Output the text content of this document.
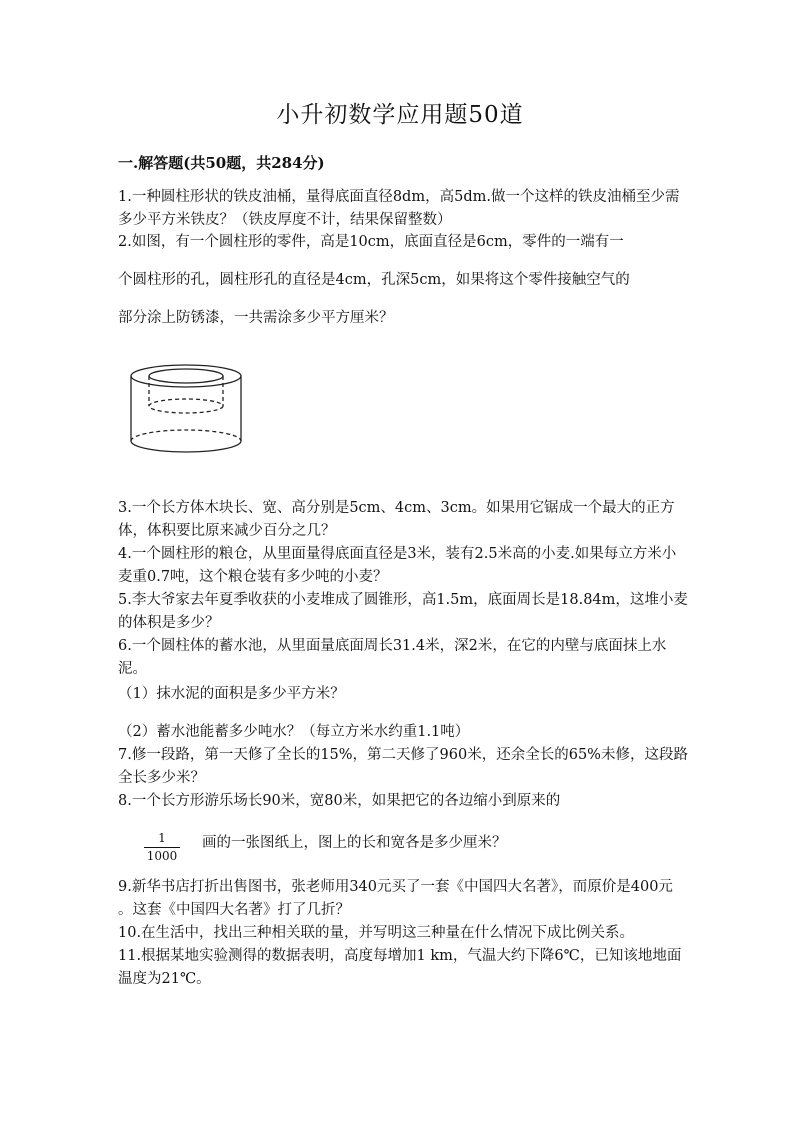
小升初数学应用题50道
一.解答题(共50题，共284分)
1.一种圆柱形状的铁皮油桶，量得底面直径8dm，高5dm.做一个这样的铁皮油桶至少需多少平方米铁皮？（铁皮厚度不计，结果保留整数）
2.如图，有一个圆柱形的零件，高是10cm，底面直径是6cm，零件的一端有一
个圆柱形的孔，圆柱形孔的直径是4cm，孔深5cm，如果将这个零件接触空气的
部分涂上防锈漆，一共需涂多少平方厘米？
3.一个长方体木块长、宽、高分别是5cm、4cm、3cm。如果用它锯成一个最大的正方体，体积要比原来减少百分之几？
4.一个圆柱形的粮仓，从里面量得底面直径是3米，装有2.5米高的小麦.如果每立方米小麦重0.7吨，这个粮仓装有多少吨的小麦？
5.李大爷家去年夏季收获的小麦堆成了圆锥形，高1.5m，底面周长是18.84m，这堆小麦的体积是多少？
6.一个圆柱体的蓄水池，从里面量底面周长31.4米，深2米，在它的内壁与底面抹上水泥。
（1）抹水泥的面积是多少平方米？
（2）蓄水池能蓄多少吨水？（每立方米水约重1.1吨）
7.修一段路，第一天修了全长的15%，第二天修了960米，还余全长的65%未修，这段路全长多少米？
8.一个长方形游乐场长90米，宽80米，如果把它的各边缩小到原来的
1
1000
画的一张图纸上，图上的长和宽各是多少厘米？
9.新华书店打折出售图书，张老师用340元买了一套《中国四大名著》，而原价是400元 。这套《中国四大名著》打了几折？
10.在生活中，找出三种相关联的量，并写明这三种量在什么情况下成比例关系。
11.根据某地实验测得的数据表明，高度每增加1 km，气温大约下降6℃，已知该地地面温度为21℃。
